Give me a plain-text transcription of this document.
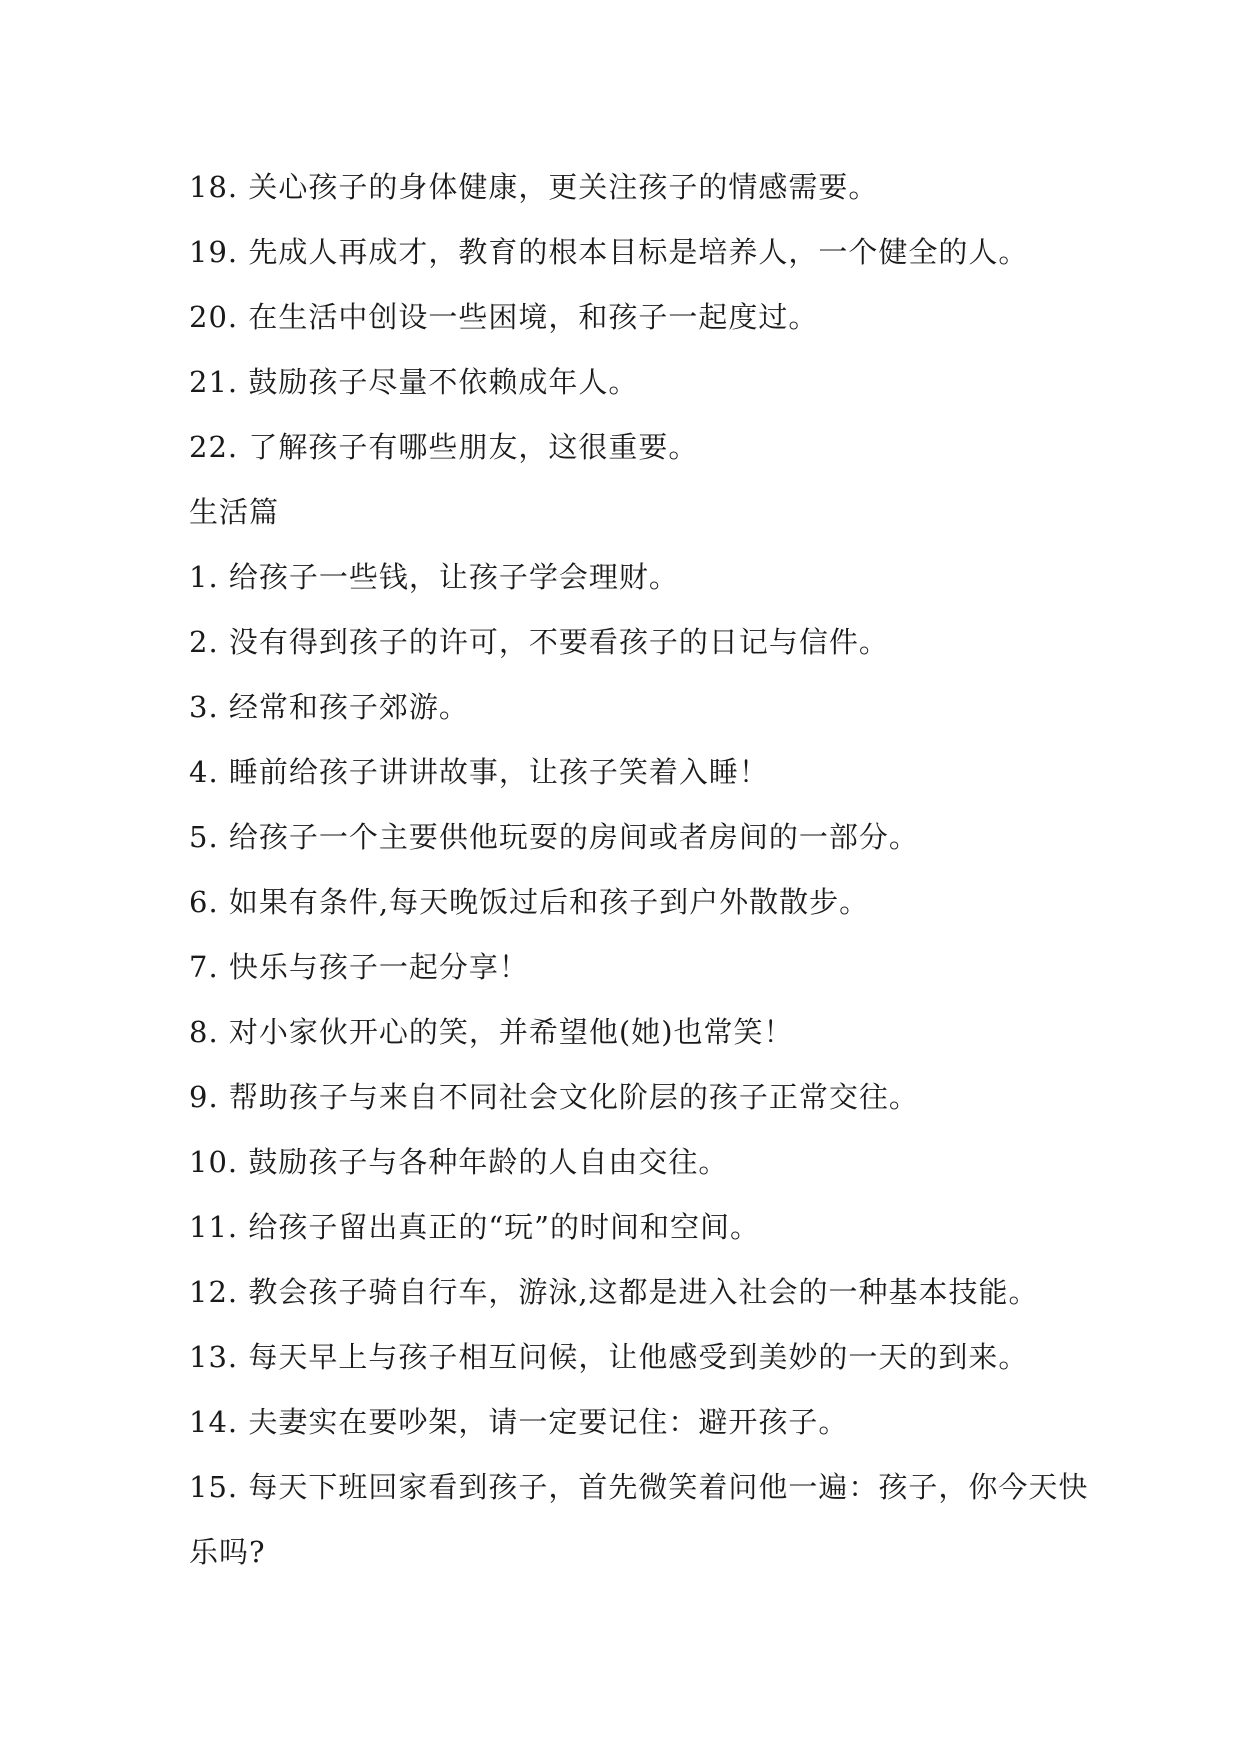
18. 关心孩子的身体健康，更关注孩子的情感需要。
19. 先成人再成才，教育的根本目标是培养人，一个健全的人。
20. 在生活中创设一些困境，和孩子一起度过。
21. 鼓励孩子尽量不依赖成年人。
22. 了解孩子有哪些朋友，这很重要。
生活篇
1. 给孩子一些钱，让孩子学会理财。
2. 没有得到孩子的许可，不要看孩子的日记与信件。
3. 经常和孩子郊游。
4. 睡前给孩子讲讲故事，让孩子笑着入睡！
5. 给孩子一个主要供他玩耍的房间或者房间的一部分。
6. 如果有条件,每天晚饭过后和孩子到户外散散步。
7. 快乐与孩子一起分享！
8. 对小家伙开心的笑，并希望他(她)也常笑！
9. 帮助孩子与来自不同社会文化阶层的孩子正常交往。
10. 鼓励孩子与各种年龄的人自由交往。
11. 给孩子留出真正的“玩”的时间和空间。
12. 教会孩子骑自行车，游泳,这都是进入社会的一种基本技能。
13. 每天早上与孩子相互问候，让他感受到美妙的一天的到来。
14. 夫妻实在要吵架，请一定要记住：避开孩子。
15. 每天下班回家看到孩子，首先微笑着问他一遍：孩子，你今天快
乐吗?
